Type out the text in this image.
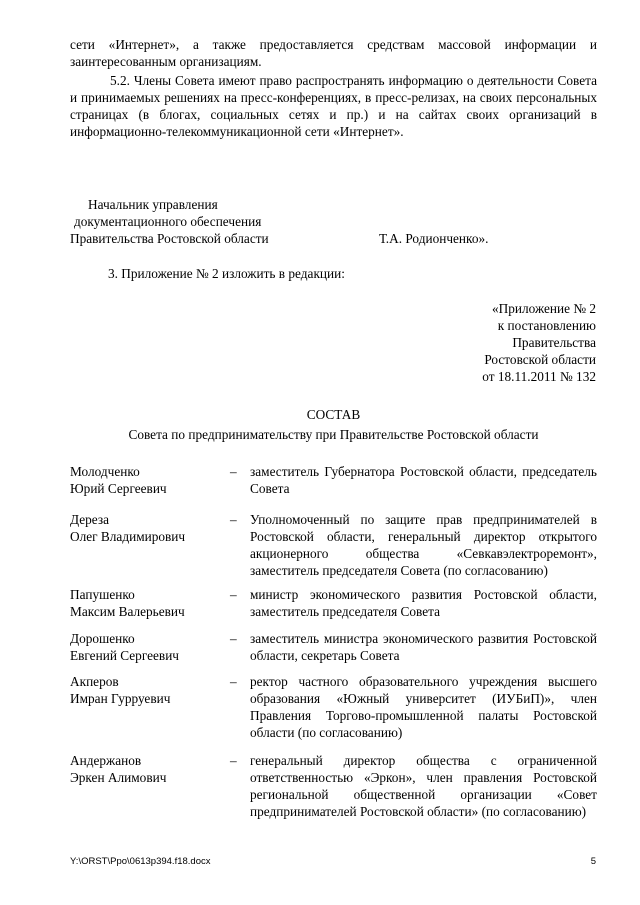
сети «Интернет», а также предоставляется средствам массовой информации и заинтересованным организациям.
5.2. Члены Совета имеют право распространять информацию о деятельности Совета и принимаемых решениях на пресс-конференциях, в пресс-релизах, на своих персональных страницах (в блогах, социальных сетях и пр.) и на сайтах своих организаций в информационно-телекоммуникационной сети «Интернет».
Начальник управления
документационного обеспечения
Правительства Ростовской области	Т.А. Родионченко».
3. Приложение № 2 изложить в редакции:
«Приложение № 2
к постановлению
Правительства
Ростовской области
от 18.11.2011 № 132
СОСТАВ
Совета по предпринимательству при Правительстве Ростовской области
Молодченко
Юрий Сергеевич
–	заместитель Губернатора Ростовской области, председатель Совета
Дереза
Олег Владимирович
–	Уполномоченный по защите прав предпринимателей в Ростовской области, генеральный директор открытого акционерного общества «Севкавэлектроремонт», заместитель председателя Совета (по согласованию)
Папушенко
Максим Валерьевич
–	министр экономического развития Ростовской области, заместитель председателя Совета
Дорошенко
Евгений Сергеевич
–	заместитель министра экономического развития Ростовской области, секретарь Совета
Акперов
Имран Гурруевич
–	ректор частного образовательного учреждения высшего образования «Южный университет (ИУБиП)», член Правления Торгово-промышленной палаты Ростовской области (по согласованию)
Андержанов
Эркен Алимович
–	генеральный директор общества с ограниченной ответственностью «Эркон», член правления Ростовской региональной общественной организации «Совет предпринимателей Ростовской области» (по согласованию)
Y:\ORST\Ppo\0613p394.f18.docx	5
